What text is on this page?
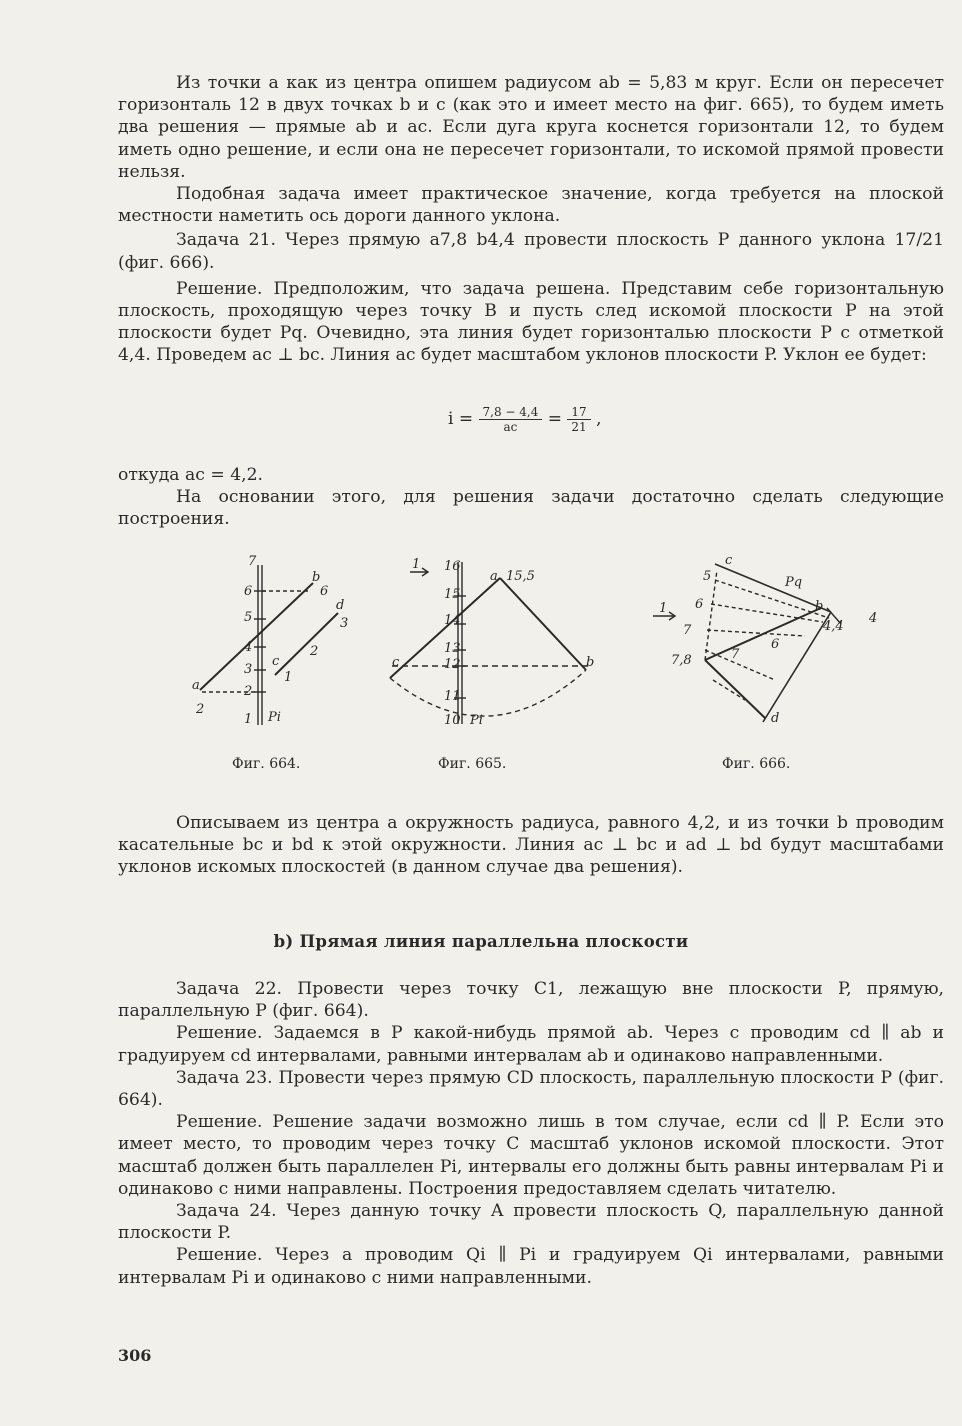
Из точки a как из центра опишем радиусом ab = 5,83 м круг. Если он пересечет горизонталь 12 в двух точках b и c (как это и имеет место на фиг. 665), то будем иметь два решения — прямые ab и ac. Если дуга круга коснется горизонтали 12, то будем иметь одно решение, и если она не пересечет горизонтали, то искомой прямой провести нельзя.

Подобная задача имеет практическое значение, когда требуется на плоской местности наметить ось дороги данного уклона.

Задача 21. Через прямую a7,8 b4,4 провести плоскость P данного уклона 17/21 (фиг. 666).

Решение. Предположим, что задача решена. Представим себе горизонтальную плоскость, проходящую через точку B и пусть след искомой плоскости P на этой плоскости будет Pq. Очевидно, эта линия будет горизонталью плоскости P с отметкой 4,4. Проведем ac ⊥ bc. Линия ac будет масштабом уклонов плоскости P. Уклон ее будет:

$i = \frac{7,8 - 4,4}{ac} = \frac{17}{21}$ ,

откуда ac = 4,2.

На основании этого, для решения задачи достаточно сделать следующие построения.

7
6
5
4
3
2
1
b
6
d
3
c
2
1
a
2
Pi
1 16
15
14
13
12
11
10
a 15,5
c	b
Pi
c
5
6
7
7,8
1
Pq
b
4,4
4
7
6
d
Фиг. 664.	Фиг. 665.	Фиг. 666.

Описываем из центра a окружность радиуса, равного 4,2, и из точки b проводим касательные bc и bd к этой окружности. Линия ac ⊥ bc и ad ⊥ bd будут масштабами уклонов искомых плоскостей (в данном случае два решения).

b) Прямая линия параллельна плоскости

Задача 22. Провести через точку C1, лежащую вне плоскости P, прямую, параллельную P (фиг. 664).

Решение. Задаемся в P какой-нибудь прямой ab. Через c проводим cd ∥ ab и градуируем cd интервалами, равными интервалам ab и одинаково направленными.

Задача 23. Провести через прямую CD плоскость, параллельную плоскости P (фиг. 664).

Решение. Решение задачи возможно лишь в том случае, если cd ∥ P. Если это имеет место, то проводим через точку C масштаб уклонов искомой плоскости. Этот масштаб должен быть параллелен Pi, интервалы его должны быть равны интервалам Pi и одинаково с ними направлены. Построения предоставляем сделать читателю.

Задача 24. Через данную точку A провести плоскость Q, параллельную данной плоскости P.

Решение. Через a проводим Qi ∥ Pi и градуируем Qi интервалами, равными интервалам Pi и одинаково с ними направленными.

306
